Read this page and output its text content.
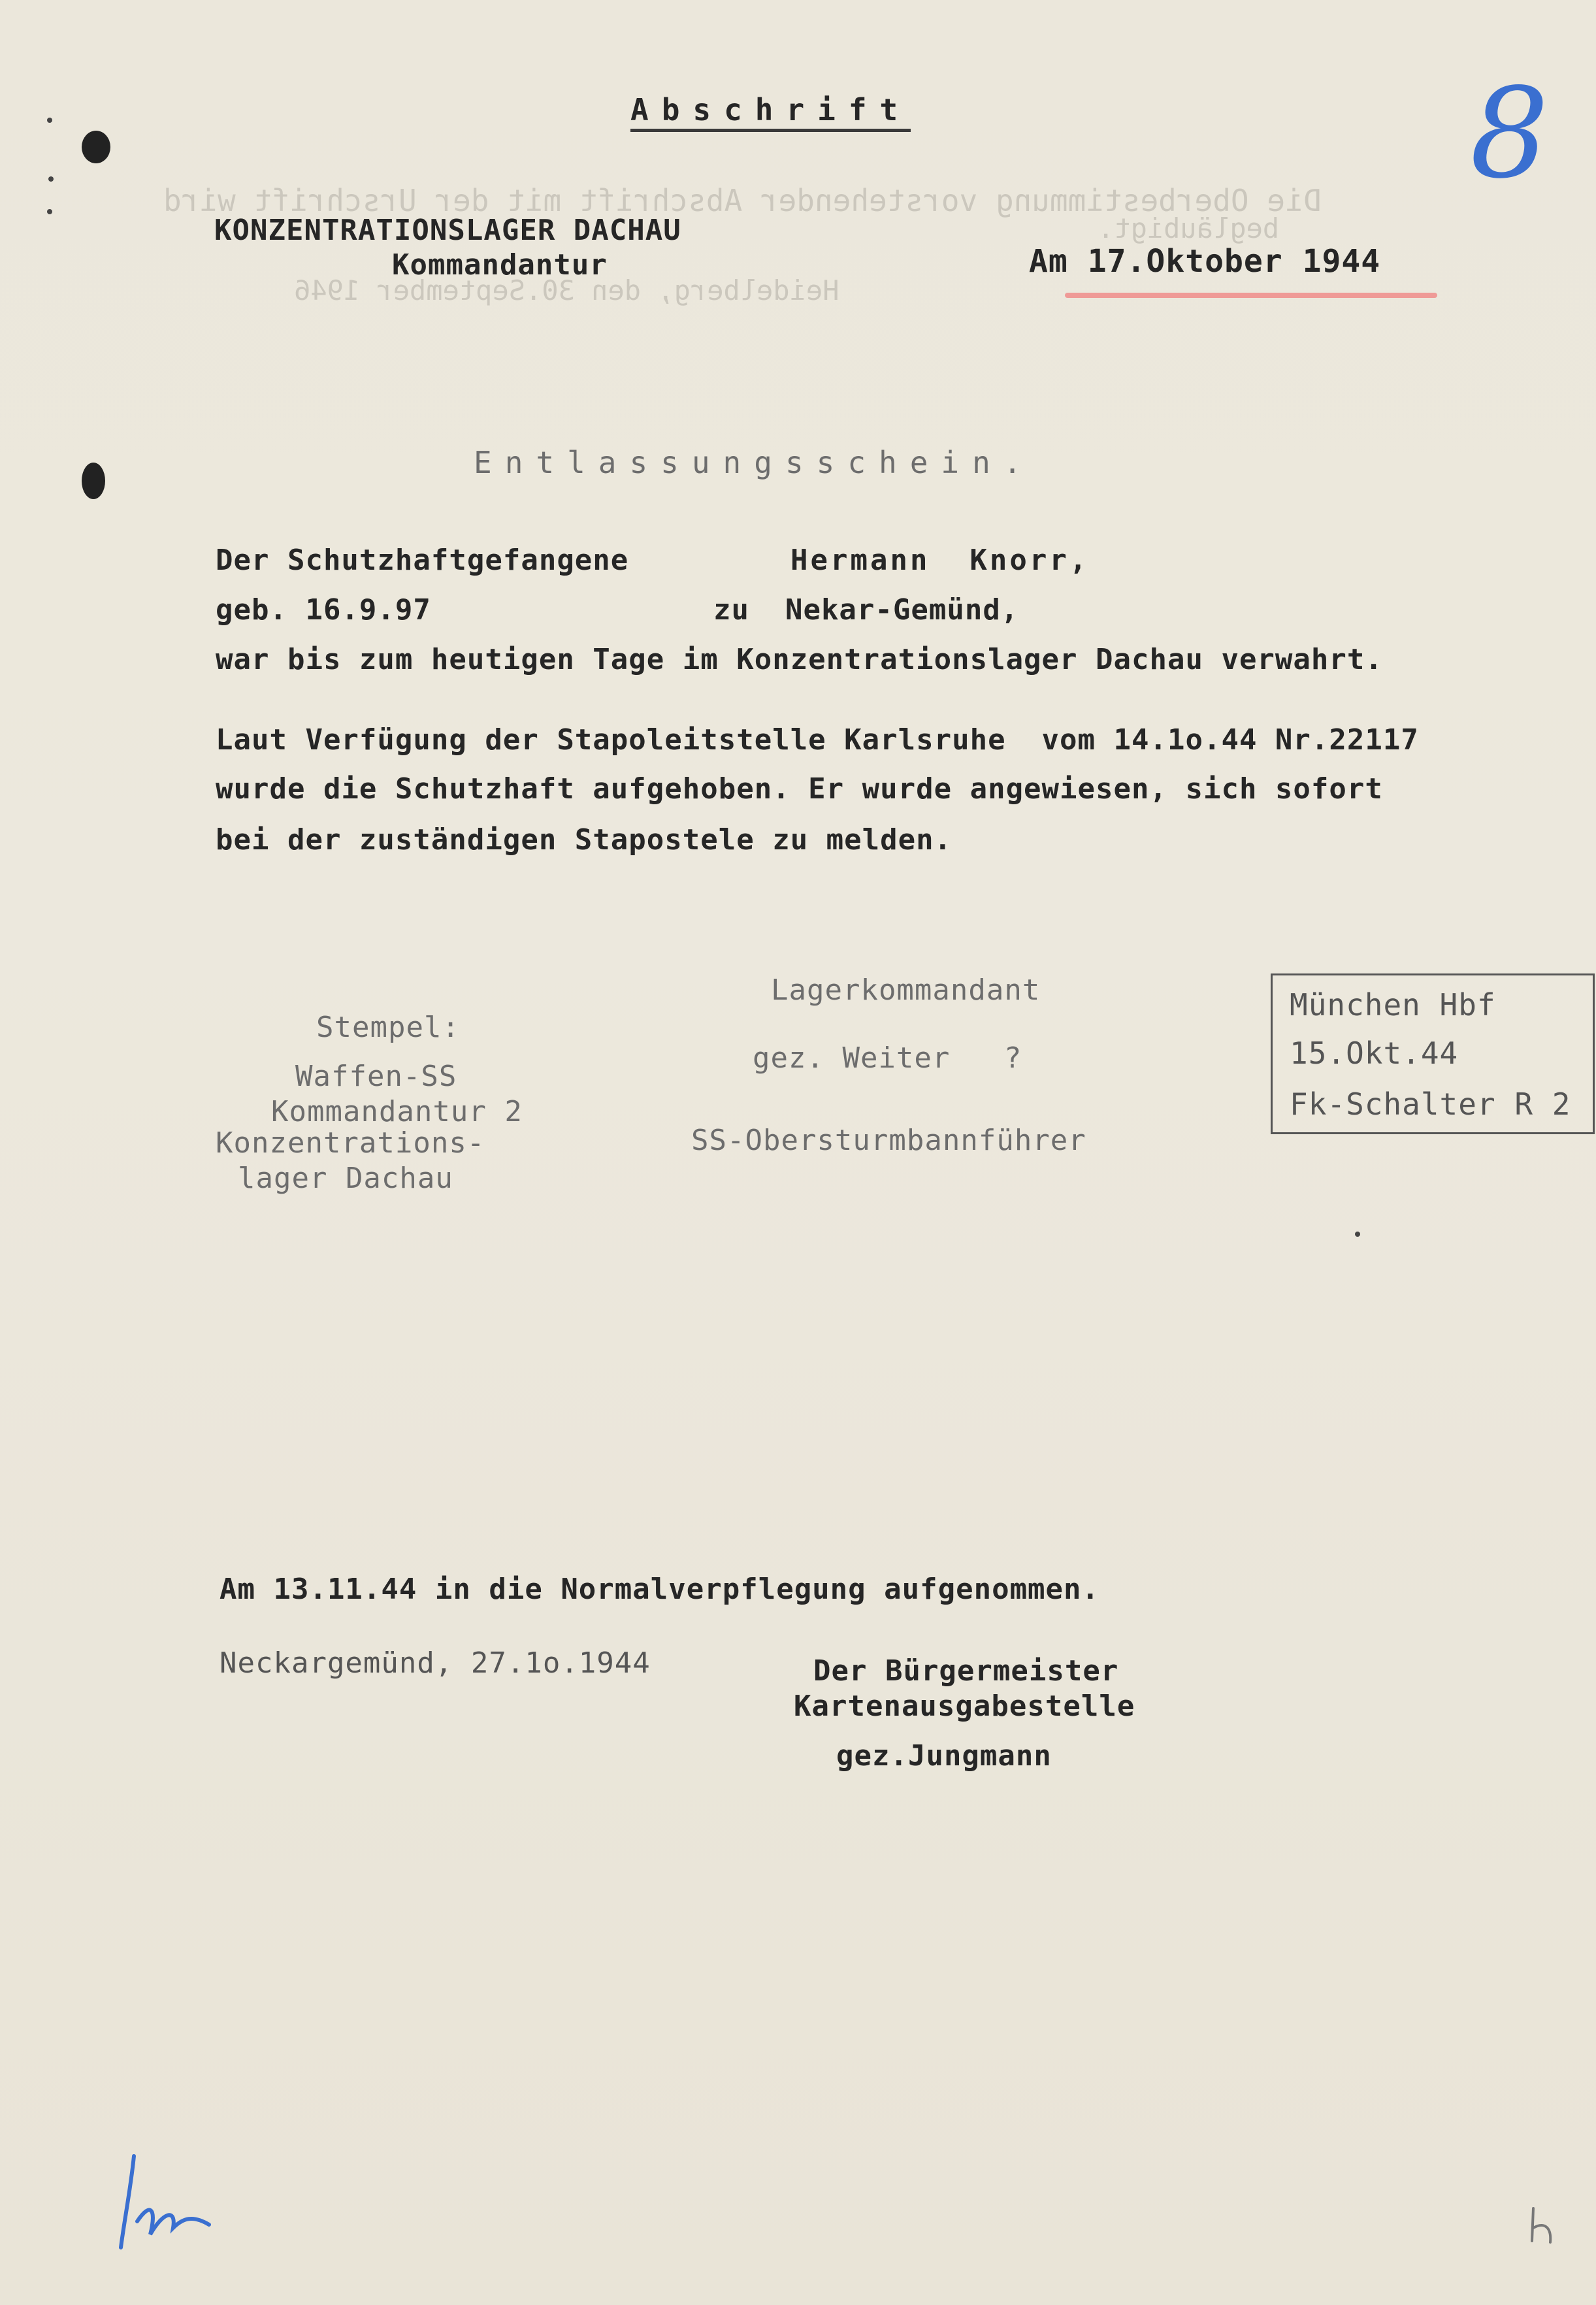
Die Oberbestimmung vorstehender Abschrift mit der Urschrift wird
begläubigt.
Heidelberg, den 30.September 1946
Abschrift	8
KONZENTRATIONSLAGER DACHAU
Kommandantur	Am 17.Oktober 1944
Entlassungsschein.
Der Schutzhaftgefangene	Hermann  Knorr,
geb. 16.9.97	zu  Nekar-Gemünd,
war bis zum heutigen Tage im Konzentrationslager Dachau verwahrt.
Laut Verfügung der Stapoleitstelle Karlsruhe  vom 14.1o.44 Nr.22117
wurde die Schutzhaft aufgehoben. Er wurde angewiesen, sich sofort
bei der zuständigen Stapostele zu melden.
Stempel:
Waffen-SS
Kommandantur 2
Konzentrations-
lager Dachau
Lagerkommandant
gez. Weiter   ?
SS-Obersturmbannführer
München Hbf
15.Okt.44
Fk-Schalter R 2
Am 13.11.44 in die Normalverpflegung aufgenommen.
Neckargemünd, 27.1o.1944	Der Bürgermeister
Kartenausgabestelle
gez.Jungmann
